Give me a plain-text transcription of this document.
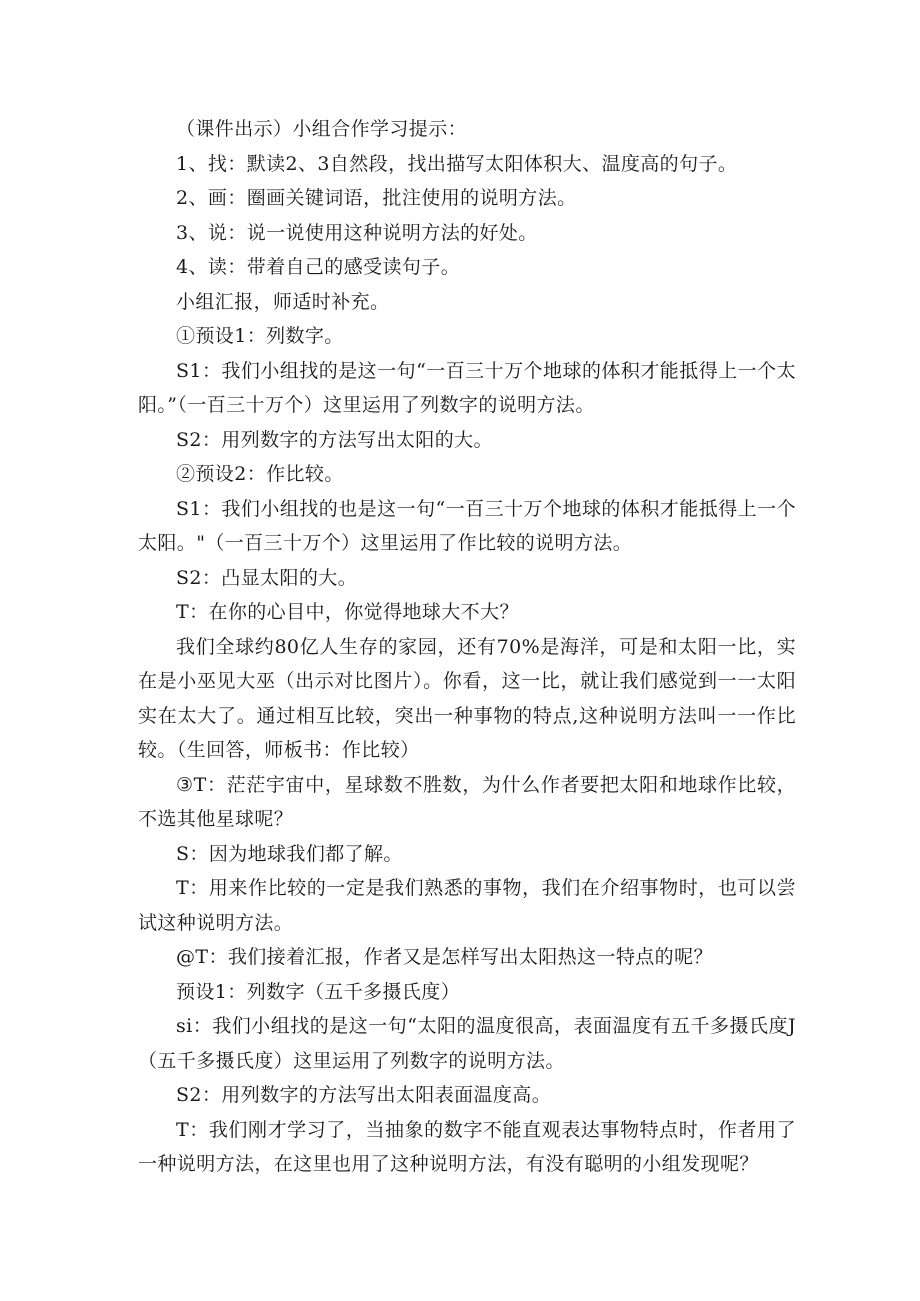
（课件出示）小组合作学习提示：

1、找：默读2、3自然段，找出描写太阳体积大、温度高的句子。

2、画：圈画关键词语，批注使用的说明方法。

3、说：说一说使用这种说明方法的好处。

4、读：带着自己的感受读句子。

小组汇报，师适时补充。

①预设1：列数字。

S1：我们小组找的是这一句“一百三十万个地球的体积才能抵得上一个太阳。”（一百三十万个）这里运用了列数字的说明方法。

S2：用列数字的方法写出太阳的大。

②预设2：作比较。

S1：我们小组找的也是这一句“一百三十万个地球的体积才能抵得上一个太阳。"（一百三十万个）这里运用了作比较的说明方法。

S2：凸显太阳的大。

T：在你的心目中，你觉得地球大不大？

我们全球约80亿人生存的家园，还有70%是海洋，可是和太阳一比，实在是小巫见大巫（出示对比图片）。你看，这一比，就让我们感觉到一一太阳实在太大了。通过相互比较，突出一种事物的特点,这种说明方法叫一一作比较。（生回答，师板书：作比较）

③T：茫茫宇宙中，星球数不胜数，为什么作者要把太阳和地球作比较，不选其他星球呢？

S：因为地球我们都了解。

T：用来作比较的一定是我们熟悉的事物，我们在介绍事物时，也可以尝试这种说明方法。

@T：我们接着汇报，作者又是怎样写出太阳热这一特点的呢？

预设1：列数字（五千多摄氏度）

si：我们小组找的是这一句“太阳的温度很高，表面温度有五千多摄氏度J（五千多摄氏度）这里运用了列数字的说明方法。

S2：用列数字的方法写出太阳表面温度高。

T：我们刚才学习了，当抽象的数字不能直观表达事物特点时，作者用了一种说明方法，在这里也用了这种说明方法，有没有聪明的小组发现呢？
